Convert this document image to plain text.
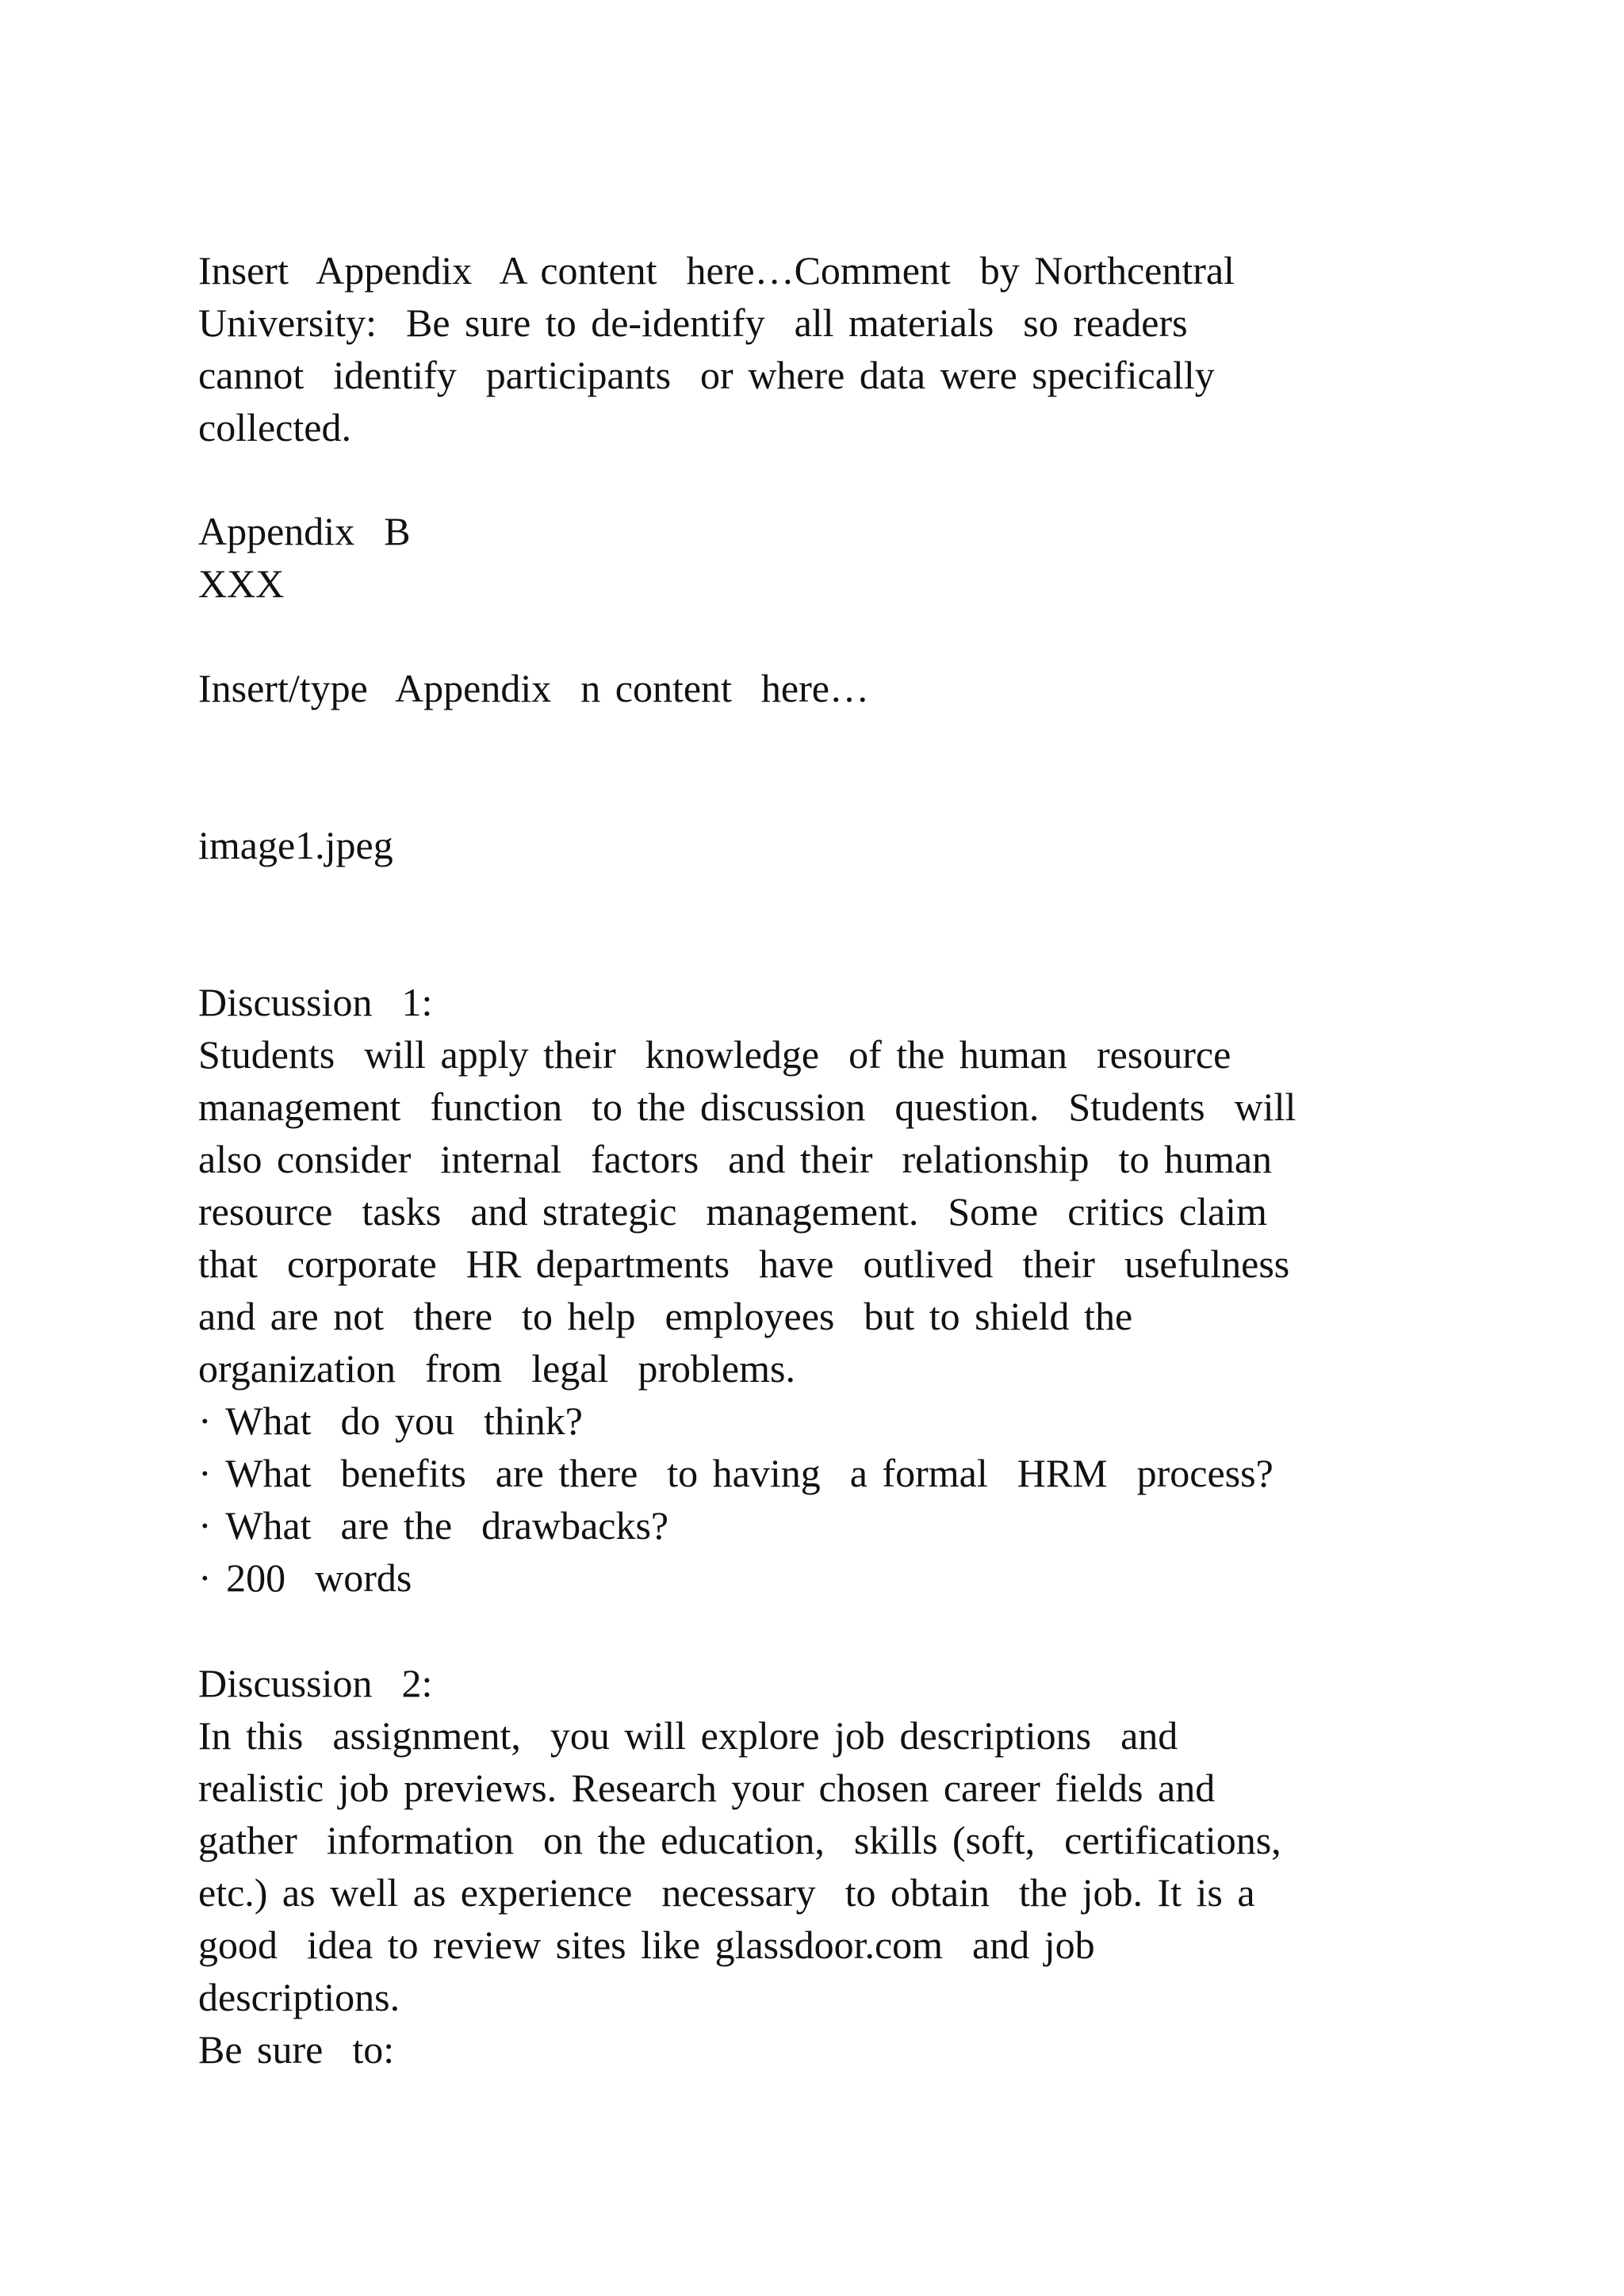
Insert  Appendix  A content  here…Comment  by Northcentral
University:  Be sure to de-identify  all materials  so readers
cannot  identify  participants  or where data were specifically
collected.
Appendix  B
XXX
Insert/type  Appendix  n content  here…
image1.jpeg
Discussion  1:
Students  will apply their  knowledge  of the human  resource
management  function  to the discussion  question.  Students  will
also consider  internal  factors  and their  relationship  to human
resource  tasks  and strategic  management.  Some  critics claim
that  corporate  HR departments  have  outlived  their  usefulness
and are not  there  to help  employees  but to shield the
organization  from  legal  problems.
· What  do you  think?
· What  benefits  are there  to having  a formal  HRM  process?
· What  are the  drawbacks?
· 200  words
Discussion  2:
In this  assignment,  you will explore job descriptions  and
realistic job previews. Research your chosen career fields and
gather  information  on the education,  skills (soft,  certifications,
etc.) as well as experience  necessary  to obtain  the job. It is a
good  idea to review sites like glassdoor.com  and job
descriptions.
Be sure  to:
